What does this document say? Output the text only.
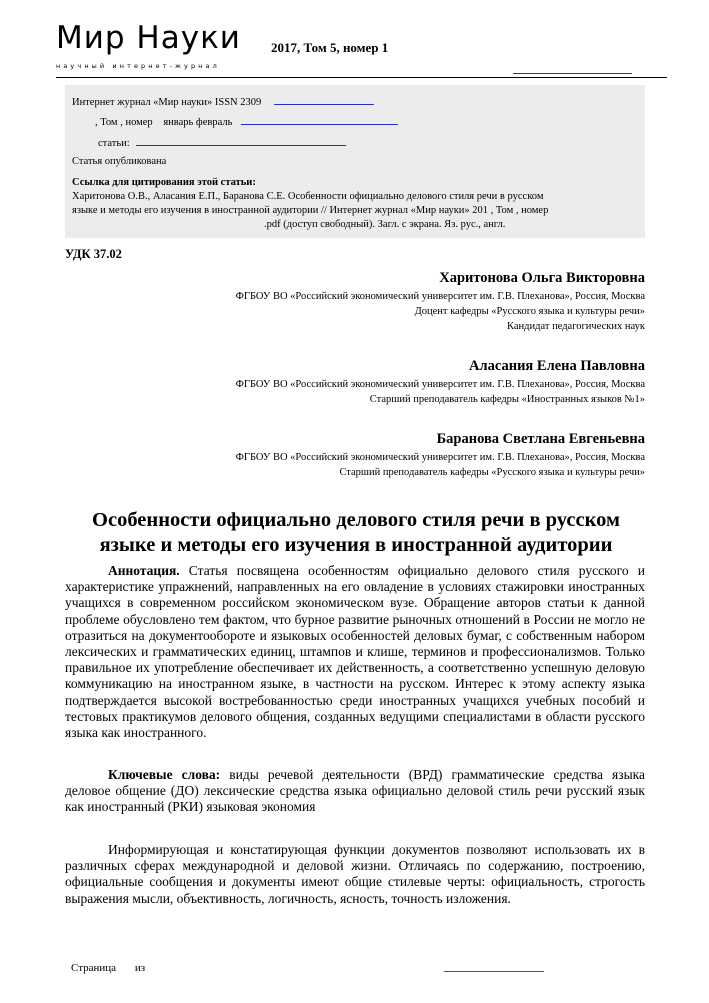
Мир Науки
научный интернет-журнал
2017, Том 5, номер 1
Интернет журнал «Мир науки» ISSN 2309
, Том , номер январь февраль
статьи:
Статья опубликована
Ссылка для цитирования этой статьи:
Харитонова О.В., Аласания Е.П., Баранова С.Е. Особенности официально делового стиля речи в русском
языке и методы его изучения в иностранной аудитории // Интернет журнал «Мир науки» 201 , Том , номер
.pdf (доступ свободный). Загл. с экрана. Яз. рус., англ.
УДК 37.02
Харитонова Ольга Викторовна
ФГБОУ ВО «Российский экономический университет им. Г.В. Плеханова», Россия, Москва
Доцент кафедры «Русского языка и культуры речи»
Кандидат педагогических наук
Аласания Елена Павловна
ФГБОУ ВО «Российский экономический университет им. Г.В. Плеханова», Россия, Москва
Старший преподаватель кафедры «Иностранных языков №1»
Баранова Светлана Евгеньевна
ФГБОУ ВО «Российский экономический университет им. Г.В. Плеханова», Россия, Москва
Старший преподаватель кафедры «Русского языка и культуры речи»
Особенности официально делового стиля речи в русском
языке и методы его изучения в иностранной аудитории

Аннотация. Статья посвящена особенностям официально делового стиля русского и характеристике упражнений, направленных на его овладение в условиях стажировки иностранных учащихся в современном российском экономическом вузе. Обращение авторов статьи к данной проблеме обусловлено тем фактом, что бурное развитие рыночных отношений в России не могло не отразиться на документообороте и языковых особенностей деловых бумаг, с собственным набором лексических и грамматических единиц, штампов и клише, терминов и профессионализмов. Только правильное их употребление обеспечивает их действенность, а соответственно успешную деловую коммуникацию на иностранном языке, в частности на русском. Интерес к этому аспекту языка подтверждается высокой востребованностью среди иностранных учащихся учебных пособий и тестовых практикумов делового общения, созданных ведущими специалистами в области русского языка как иностранного.

Ключевые слова: виды речевой деятельности (ВРД) грамматические средства языка деловое общение (ДО) лексические средства языка официально деловой стиль речи русский язык как иностранный (РКИ) языковая экономия

Информирующая и констатирующая функции документов позволяют использовать их в различных сферах международной и деловой жизни. Отличаясь по содержанию, построению, официальные сообщения и документы имеют общие стилевые черты: официальность, строгость выражения мысли, объективность, логичность, ясность, точность изложения.

Страница из
